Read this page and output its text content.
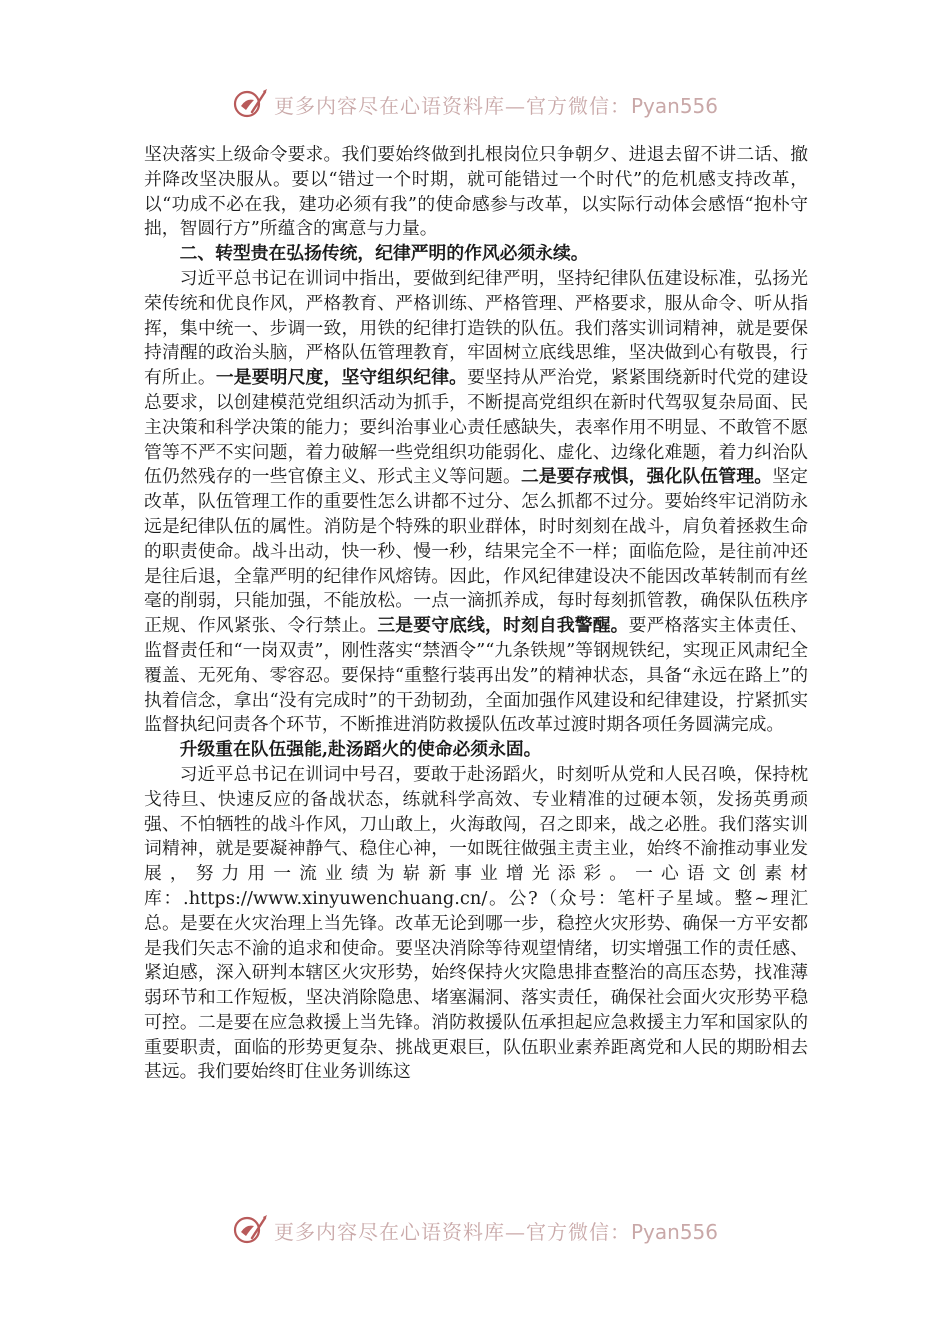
更多内容尽在心语资料库—官方微信：Pyan556

坚决落实上级命令要求。我们要始终做到扎根岗位只争朝夕、进退去留不讲二话、撤并降改坚决服从。要以“错过一个时期，就可能错过一个时代”的危机感支持改革，以“功成不必在我，建功必须有我”的使命感参与改革，以实际行动体会感悟“抱朴守拙，智圆行方”所蕴含的寓意与力量。

二、转型贵在弘扬传统，纪律严明的作风必须永续。

习近平总书记在训词中指出，要做到纪律严明，坚持纪律队伍建设标准，弘扬光荣传统和优良作风，严格教育、严格训练、严格管理、严格要求，服从命令、听从指挥，集中统一、步调一致，用铁的纪律打造铁的队伍。我们落实训词精神，就是要保持清醒的政治头脑，严格队伍管理教育，牢固树立底线思维，坚决做到心有敬畏，行有所止。一是要明尺度，坚守组织纪律。要坚持从严治党，紧紧围绕新时代党的建设总要求，以创建模范党组织活动为抓手，不断提高党组织在新时代驾驭复杂局面、民主决策和科学决策的能力；要纠治事业心责任感缺失，表率作用不明显、不敢管不愿管等不严不实问题，着力破解一些党组织功能弱化、虚化、边缘化难题，着力纠治队伍仍然残存的一些官僚主义、形式主义等问题。二是要存戒惧，强化队伍管理。坚定改革，队伍管理工作的重要性怎么讲都不过分、怎么抓都不过分。要始终牢记消防永远是纪律队伍的属性。消防是个特殊的职业群体，时时刻刻在战斗，肩负着拯救生命的职责使命。战斗出动，快一秒、慢一秒，结果完全不一样；面临危险，是往前冲还是往后退，全靠严明的纪律作风熔铸。因此，作风纪律建设决不能因改革转制而有丝毫的削弱，只能加强，不能放松。一点一滴抓养成，每时每刻抓管教，确保队伍秩序正规、作风紧张、令行禁止。三是要守底线，时刻自我警醒。要严格落实主体责任、监督责任和“一岗双责”，刚性落实“禁酒令”“九条铁规”等钢规铁纪，实现正风肃纪全覆盖、无死角、零容忍。要保持“重整行装再出发”的精神状态，具备“永远在路上”的执着信念，拿出“没有完成时”的干劲韧劲，全面加强作风建设和纪律建设，拧紧抓实监督执纪问责各个环节，不断推进消防救援队伍改革过渡时期各项任务圆满完成。

升级重在队伍强能,赴汤蹈火的使命必须永固。

习近平总书记在训词中号召，要敢于赴汤蹈火，时刻听从党和人民召唤，保持枕戈待旦、快速反应的备战状态，练就科学高效、专业精准的过硬本领，发扬英勇顽强、不怕牺牲的战斗作风，刀山敢上，火海敢闯，召之即来，战之必胜。我们落实训词精神，就是要凝神静气、稳住心神，一如既往做强主责主业，始终不渝推动事业发展，努力用一流业绩为崭新事业增光添彩。一心语文创素材库：.https://www.xinyuwenchuang.cn/。公?（众号：笔杆子星域。整~理汇总。是要在火灾治理上当先锋。改革无论到哪一步，稳控火灾形势、确保一方平安都是我们矢志不渝的追求和使命。要坚决消除等待观望情绪，切实增强工作的责任感、紧迫感，深入研判本辖区火灾形势，始终保持火灾隐患排查整治的高压态势，找准薄弱环节和工作短板，坚决消除隐患、堵塞漏洞、落实责任，确保社会面火灾形势平稳可控。二是要在应急救援上当先锋。消防救援队伍承担起应急救援主力军和国家队的重要职责，面临的形势更复杂、挑战更艰巨，队伍职业素养距离党和人民的期盼相去甚远。我们要始终盯住业务训练这

更多内容尽在心语资料库—官方微信：Pyan556
